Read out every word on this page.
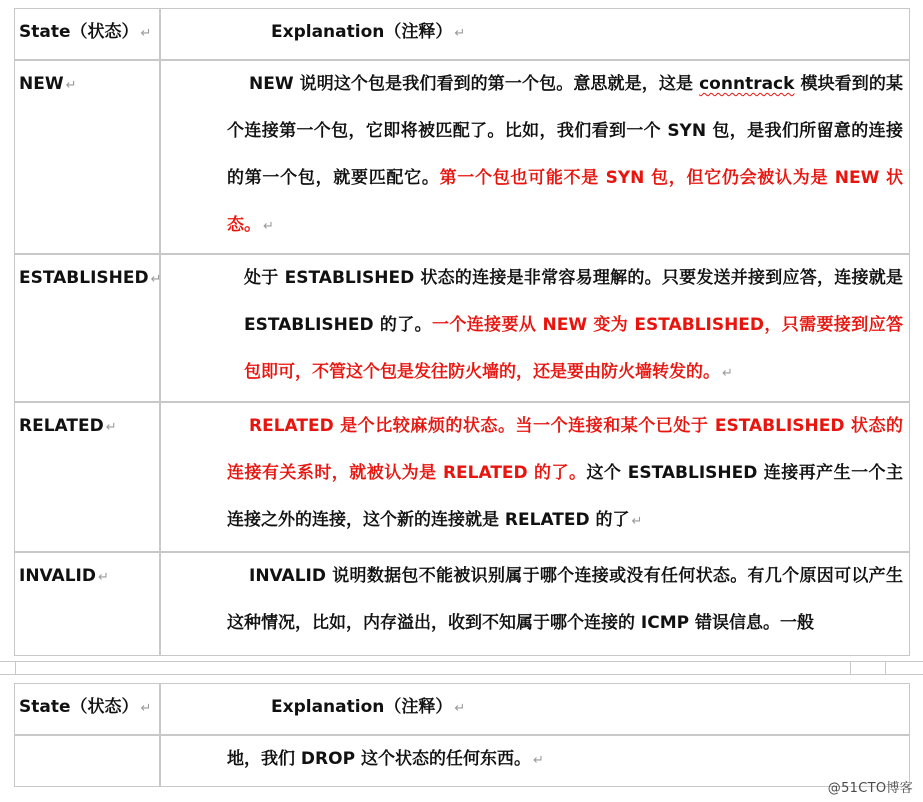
State（状态） ↵	Explanation（注释） ↵
NEW ↵	NEW 说明这个包是我们看到的第一个包。意思就是，这是 conntrack 模块看到的某个连接第一个包，它即将被匹配了。比如，我们看到一个 SYN 包，是我们所留意的连接的第一个包，就要匹配它。第一个包也可能不是 SYN 包，但它仍会被认为是 NEW 状态。 ↵

ESTABLISHED ↵	处于 ESTABLISHED 状态的连接是非常容易理解的。只要发送并接到应答，连接就是 ESTABLISHED 的了。一个连接要从 NEW 变为 ESTABLISHED，只需要接到应答包即可，不管这个包是发往防火墙的，还是要由防火墙转发的。 ↵

RELATED ↵	RELATED 是个比较麻烦的状态。当一个连接和某个已处于 ESTABLISHED 状态的连接有关系时，就被认为是 RELATED 的了。这个 ESTABLISHED 连接再产生一个主连接之外的连接，这个新的连接就是 RELATED 的了 ↵

INVALID ↵	INVALID 说明数据包不能被识别属于哪个连接或没有任何状态。有几个原因可以产生这种情况，比如，内存溢出，收到不知属于哪个连接的 ICMP 错误信息。一般
State（状态） ↵	Explanation（注释） ↵

	地，我们 DROP 这个状态的任何东西。 ↵
@51CTO博客
